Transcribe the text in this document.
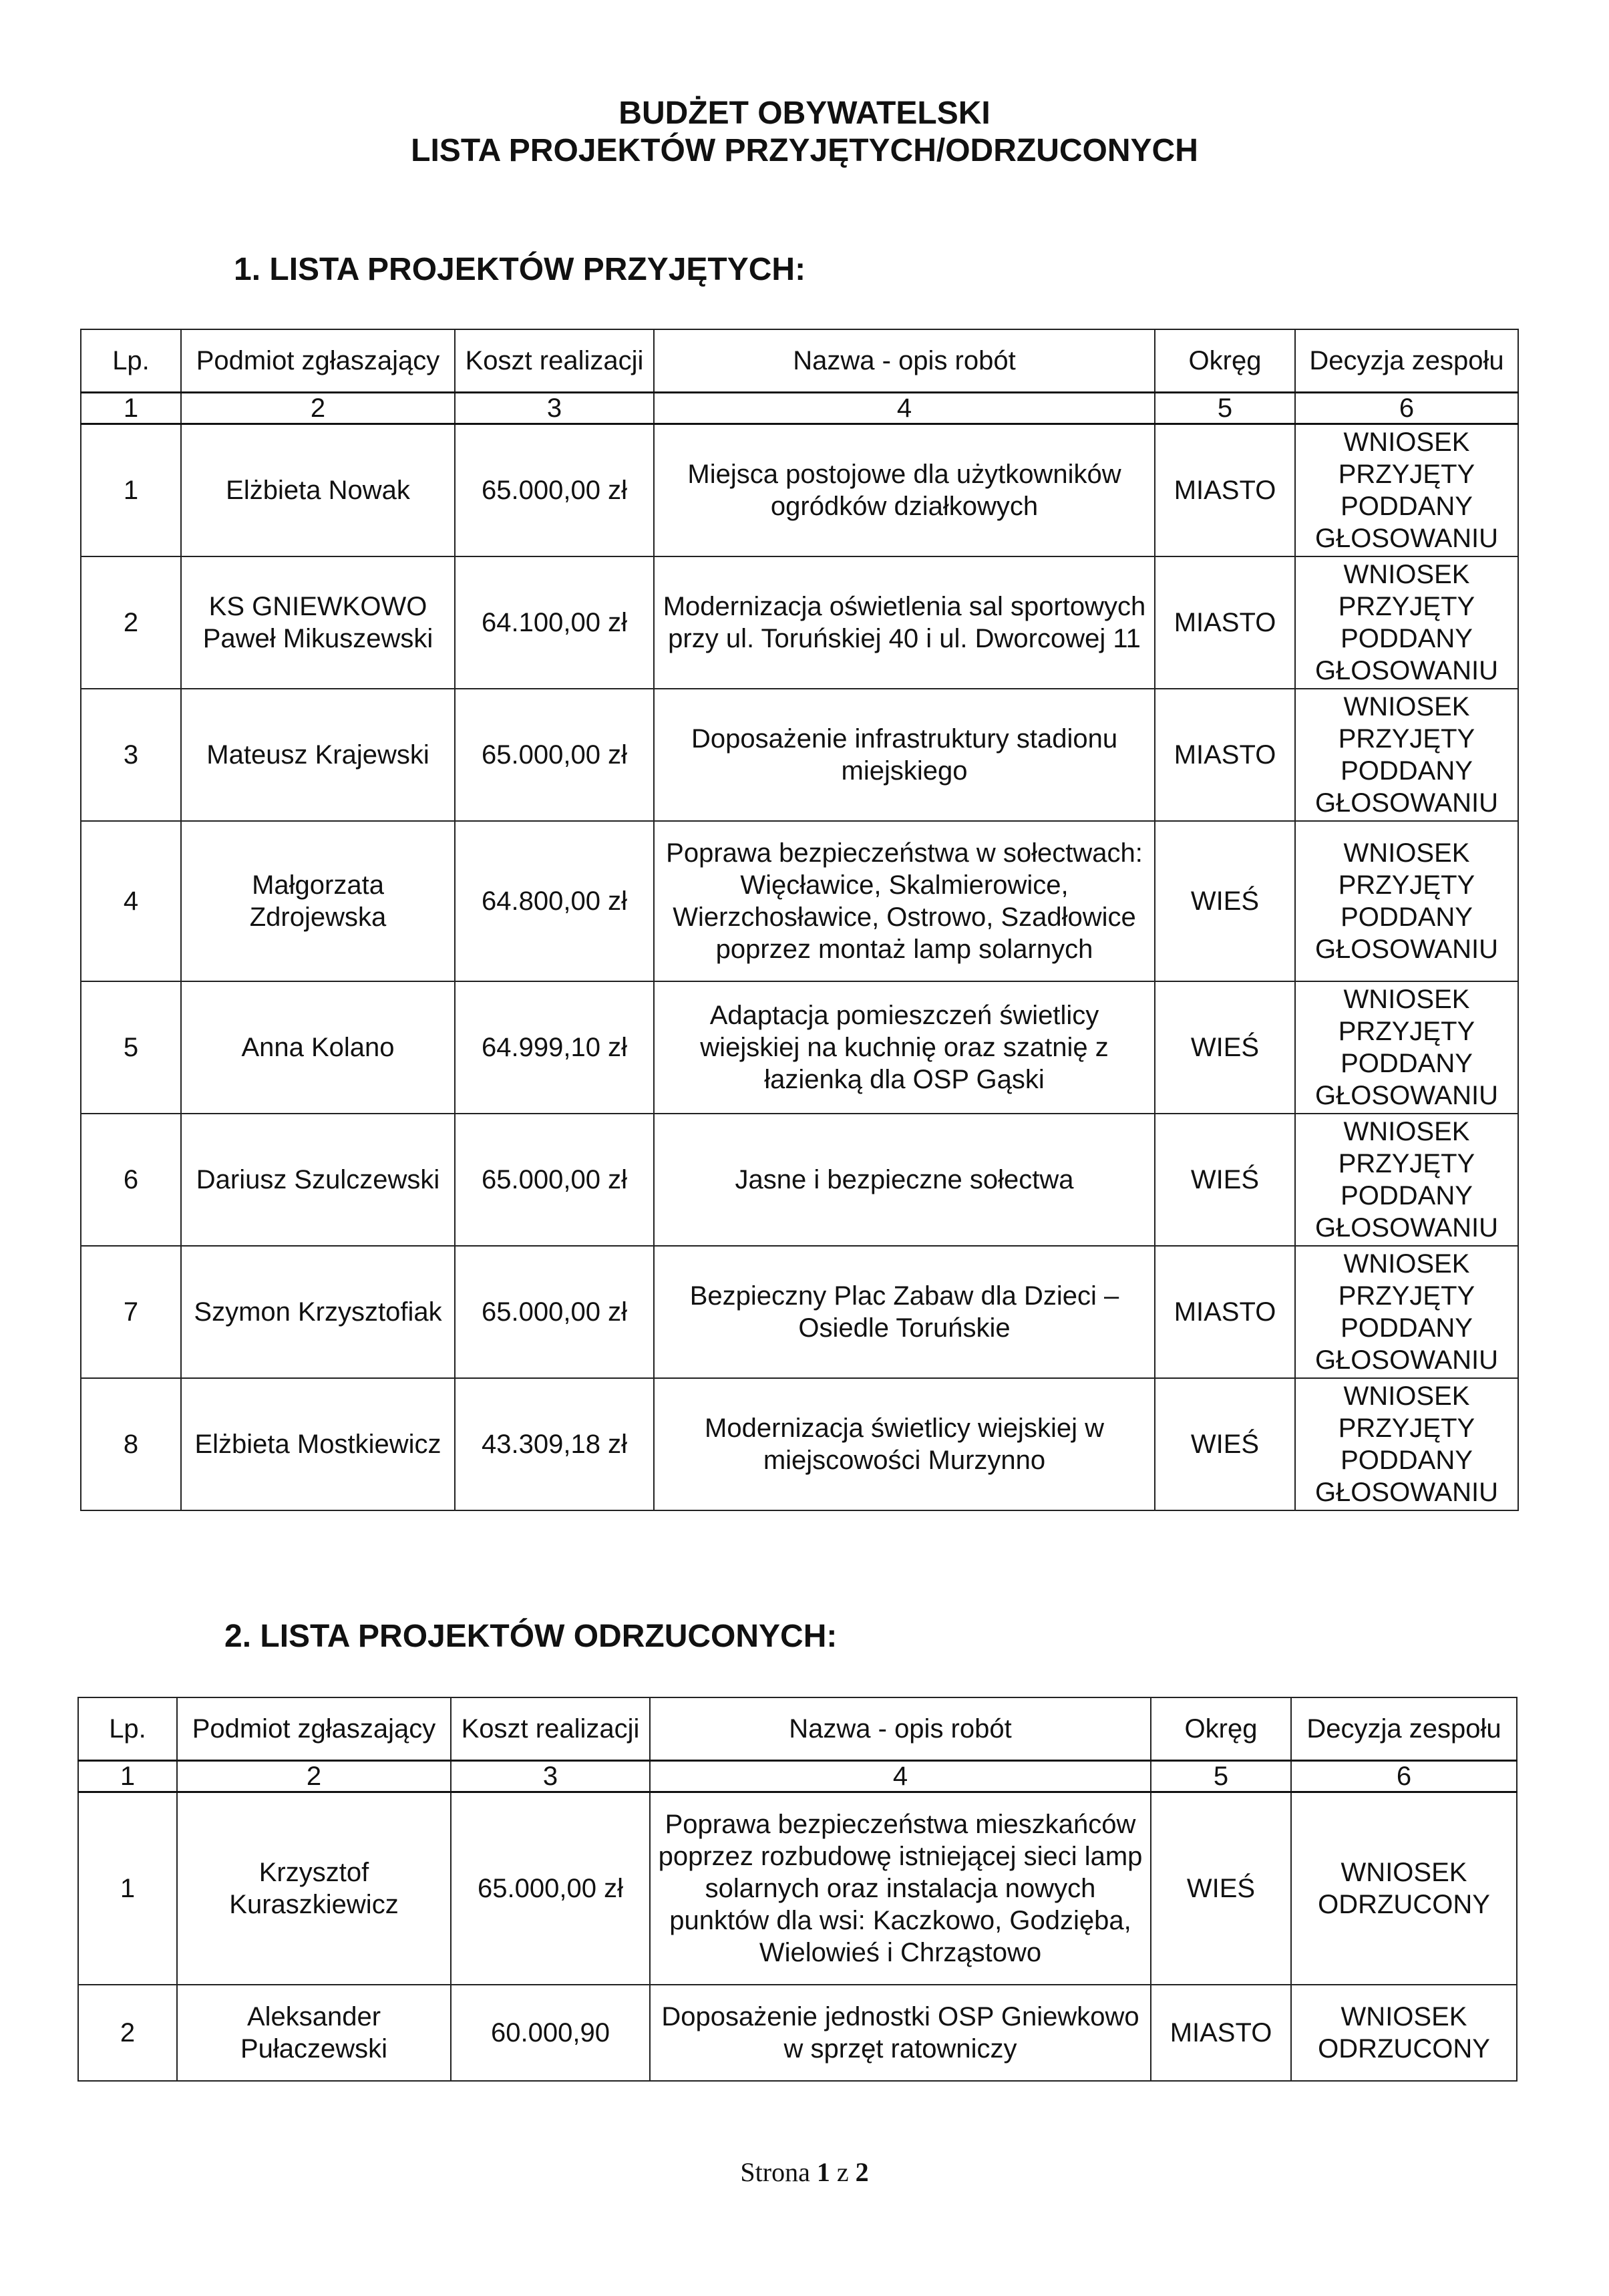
BUDŻET OBYWATELSKI
LISTA PROJEKTÓW PRZYJĘTYCH/ODRZUCONYCH
1. LISTA PROJEKTÓW PRZYJĘTYCH:
Lp.	Podmiot zgłaszający	Koszt realizacji	Nazwa - opis robót	Okręg	Decyzja zespołu
1	2	3	4	5	6
1	Elżbieta Nowak	65.000,00 zł	Miejsca postojowe dla użytkowników ogródków działkowych	MIASTO	WNIOSEK PRZYJĘTY PODDANY GŁOSOWANIU
2	KS GNIEWKOWO Paweł Mikuszewski	64.100,00 zł	Modernizacja oświetlenia sal sportowych przy ul. Toruńskiej 40 i ul. Dworcowej 11	MIASTO	WNIOSEK PRZYJĘTY PODDANY GŁOSOWANIU
3	Mateusz Krajewski	65.000,00 zł	Doposażenie infrastruktury stadionu miejskiego	MIASTO	WNIOSEK PRZYJĘTY PODDANY GŁOSOWANIU
4	Małgorzata Zdrojewska	64.800,00 zł	Poprawa bezpieczeństwa w sołectwach: Więcławice, Skalmierowice, Wierzchosławice, Ostrowo, Szadłowice poprzez montaż lamp solarnych	WIEŚ	WNIOSEK PRZYJĘTY PODDANY GŁOSOWANIU
5	Anna Kolano	64.999,10 zł	Adaptacja pomieszczeń świetlicy wiejskiej na kuchnię oraz szatnię z łazienką dla OSP Gąski	WIEŚ	WNIOSEK PRZYJĘTY PODDANY GŁOSOWANIU
6	Dariusz Szulczewski	65.000,00 zł	Jasne i bezpieczne sołectwa	WIEŚ	WNIOSEK PRZYJĘTY PODDANY GŁOSOWANIU
7	Szymon Krzysztofiak	65.000,00 zł	Bezpieczny Plac Zabaw dla Dzieci – Osiedle Toruńskie	MIASTO	WNIOSEK PRZYJĘTY PODDANY GŁOSOWANIU
8	Elżbieta Mostkiewicz	43.309,18 zł	Modernizacja świetlicy wiejskiej w miejscowości Murzynno	WIEŚ	WNIOSEK PRZYJĘTY PODDANY GŁOSOWANIU
2. LISTA PROJEKTÓW ODRZUCONYCH:
Lp.	Podmiot zgłaszający	Koszt realizacji	Nazwa - opis robót	Okręg	Decyzja zespołu
1	2	3	4	5	6
1	Krzysztof Kuraszkiewicz	65.000,00 zł	Poprawa bezpieczeństwa mieszkańców poprzez rozbudowę istniejącej sieci lamp solarnych oraz instalacja nowych punktów dla wsi: Kaczkowo, Godzięba, Wielowieś i Chrząstowo	WIEŚ	WNIOSEK ODRZUCONY
2	Aleksander Pułaczewski	60.000,90	Doposażenie jednostki OSP Gniewkowo w sprzęt ratowniczy	MIASTO	WNIOSEK ODRZUCONY
Strona 1 z 2
